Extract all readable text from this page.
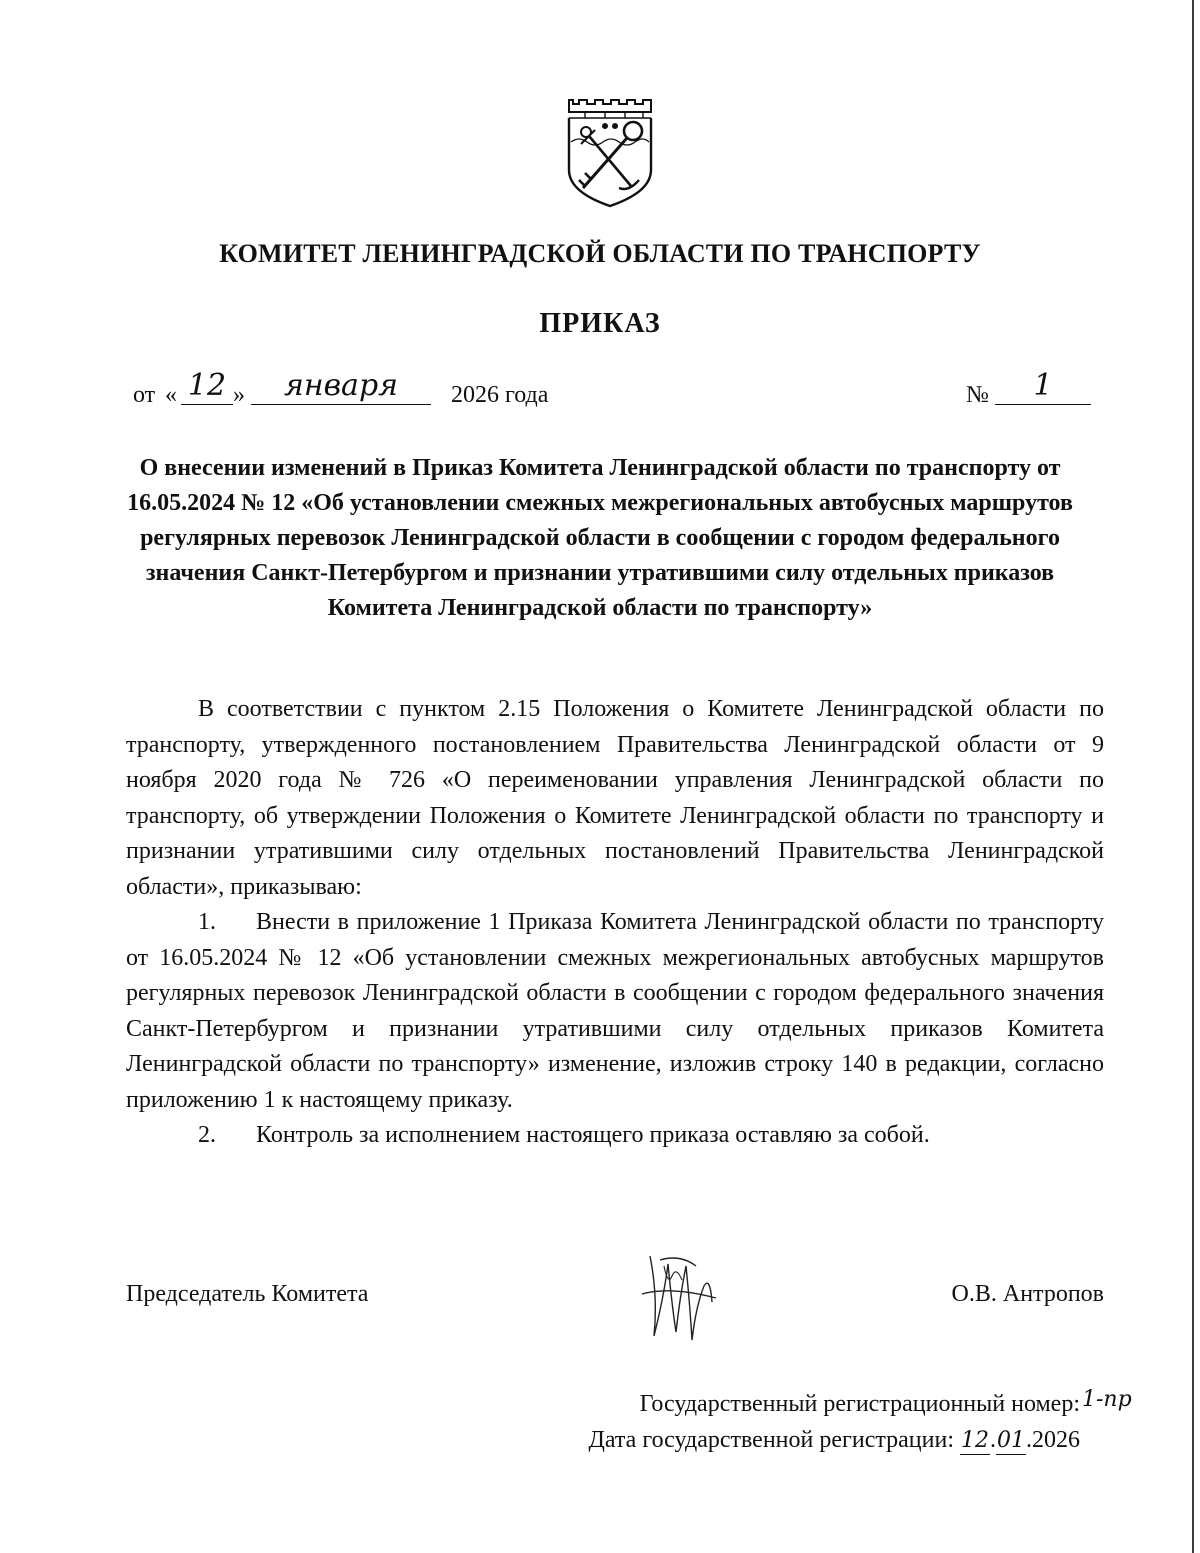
КОМИТЕТ ЛЕНИНГРАДСКОЙ ОБЛАСТИ ПО ТРАНСПОРТУ
ПРИКАЗ
от « 12 »	января	2026 года	№	1
О внесении изменений в Приказ Комитета Ленинградской области по транспорту от 16.05.2024 № 12 «Об установлении смежных межрегиональных автобусных маршрутов регулярных перевозок Ленинградской области в сообщении с городом федерального значения Санкт-Петербургом и признании утратившими силу отдельных приказов Комитета Ленинградской области по транспорту»

В соответствии с пунктом 2.15 Положения о Комитете Ленинградской области по транспорту, утвержденного постановлением Правительства Ленинградской области от 9 ноября 2020 года № 726 «О переименовании управления Ленинградской области по транспорту, об утверждении Положения о Комитете Ленинградской области по транспорту и признании утратившими силу отдельных постановлений Правительства Ленинградской области», приказываю:

1. Внести в приложение 1 Приказа Комитета Ленинградской области по транспорту от 16.05.2024 № 12 «Об установлении смежных межрегиональных автобусных маршрутов регулярных перевозок Ленинградской области в сообщении с городом федерального значения Санкт-Петербургом и признании утратившими силу отдельных приказов Комитета Ленинградской области по транспорту» изменение, изложив строку 140 в редакции, согласно приложению 1 к настоящему приказу.

2. Контроль за исполнением настоящего приказа оставляю за собой.

Председатель Комитета	О.В. Антропов
Государственный регистрационный номер: 1-пр
Дата государственной регистрации: 12.01.2026
